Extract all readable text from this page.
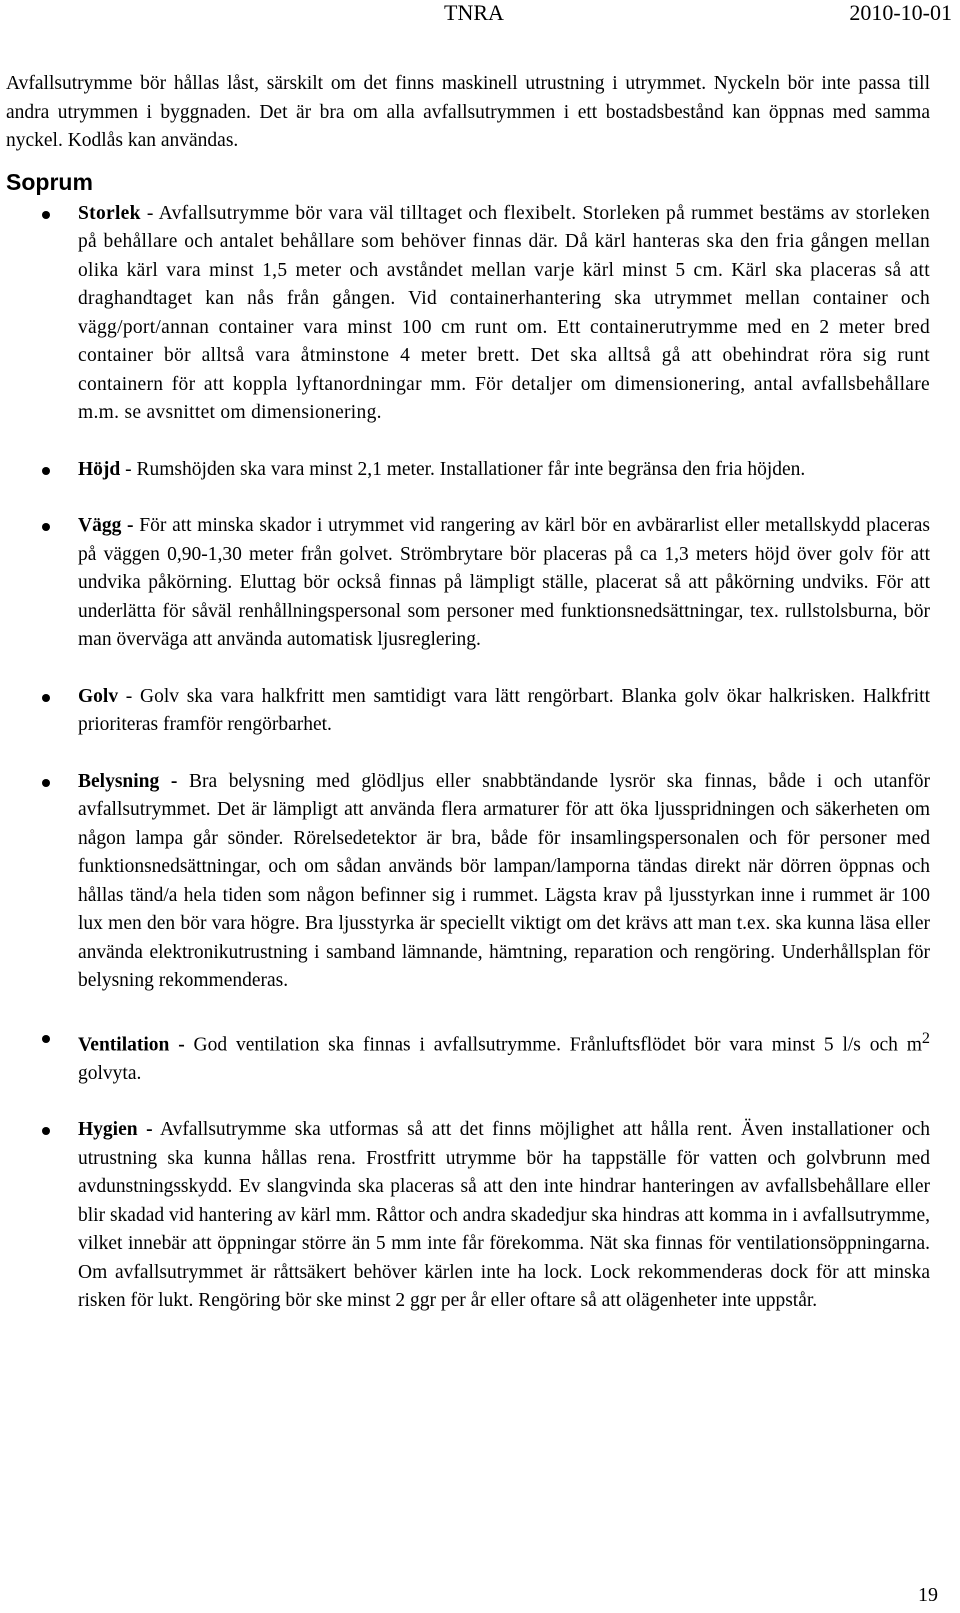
TNRA	2010-10-01

Avfallsutrymme bör hållas låst, särskilt om det finns maskinell utrustning i utrymmet. Nyckeln bör inte passa till andra utrymmen i byggnaden. Det är bra om alla avfallsutrymmen i ett bostadsbestånd kan öppnas med samma nyckel. Kodlås kan användas.

Soprum
Storlek - Avfallsutrymme bör vara väl tilltaget och flexibelt. Storleken på rummet bestäms av storleken på behållare och antalet behållare som behöver finnas där. Då kärl hanteras ska den fria gången mellan olika kärl vara minst 1,5 meter och avståndet mellan varje kärl minst 5 cm. Kärl ska placeras så att draghandtaget kan nås från gången. Vid containerhantering ska utrymmet mellan container och vägg/port/annan container vara minst 100 cm runt om. Ett containerutrymme med en 2 meter bred container bör alltså vara åtminstone 4 meter brett. Det ska alltså gå att obehindrat röra sig runt containern för att koppla lyftanordningar mm. För detaljer om dimensionering, antal avfallsbehållare m.m. se avsnittet om dimensionering.
Höjd - Rumshöjden ska vara minst 2,1 meter. Installationer får inte begränsa den fria höjden.
Vägg - För att minska skador i utrymmet vid rangering av kärl bör en avbärarlist eller metallskydd placeras på väggen 0,90-1,30 meter från golvet. Strömbrytare bör placeras på ca 1,3 meters höjd över golv för att undvika påkörning. Eluttag bör också finnas på lämpligt ställe, placerat så att påkörning undviks. För att underlätta för såväl renhållningspersonal som personer med funktionsnedsättningar, tex. rullstolsburna, bör man överväga att använda automatisk ljusreglering.
Golv - Golv ska vara halkfritt men samtidigt vara lätt rengörbart. Blanka golv ökar halkrisken. Halkfritt prioriteras framför rengörbarhet.
Belysning - Bra belysning med glödljus eller snabbtändande lysrör ska finnas, både i och utanför avfallsutrymmet. Det är lämpligt att använda flera armaturer för att öka ljusspridningen och säkerheten om någon lampa går sönder. Rörelsedetektor är bra, både för insamlingspersonalen och för personer med funktionsnedsättningar, och om sådan används bör lampan/lamporna tändas direkt när dörren öppnas och hållas tänd/a hela tiden som någon befinner sig i rummet. Lägsta krav på ljusstyrkan inne i rummet är 100 lux men den bör vara högre. Bra ljusstyrka är speciellt viktigt om det krävs att man t.ex. ska kunna läsa eller använda elektronikutrustning i samband lämnande, hämtning, reparation och rengöring. Underhållsplan för belysning rekommenderas.
Ventilation - God ventilation ska finnas i avfallsutrymme. Frånluftsflödet bör vara minst 5 l/s och $m^2$ golvyta.
Hygien - Avfallsutrymme ska utformas så att det finns möjlighet att hålla rent. Även installationer och utrustning ska kunna hållas rena. Frostfritt utrymme bör ha tappställe för vatten och golvbrunn med avdunstningsskydd. Ev slangvinda ska placeras så att den inte hindrar hanteringen av avfallsbehållare eller blir skadad vid hantering av kärl mm. Råttor och andra skadedjur ska hindras att komma in i avfallsutrymme, vilket innebär att öppningar större än 5 mm inte får förekomma. Nät ska finnas för ventilationsöppningarna. Om avfallsutrymmet är råttsäkert behöver kärlen inte ha lock. Lock rekommenderas dock för att minska risken för lukt. Rengöring bör ske minst 2 ggr per år eller oftare så att olägenheter inte uppstår.
19
